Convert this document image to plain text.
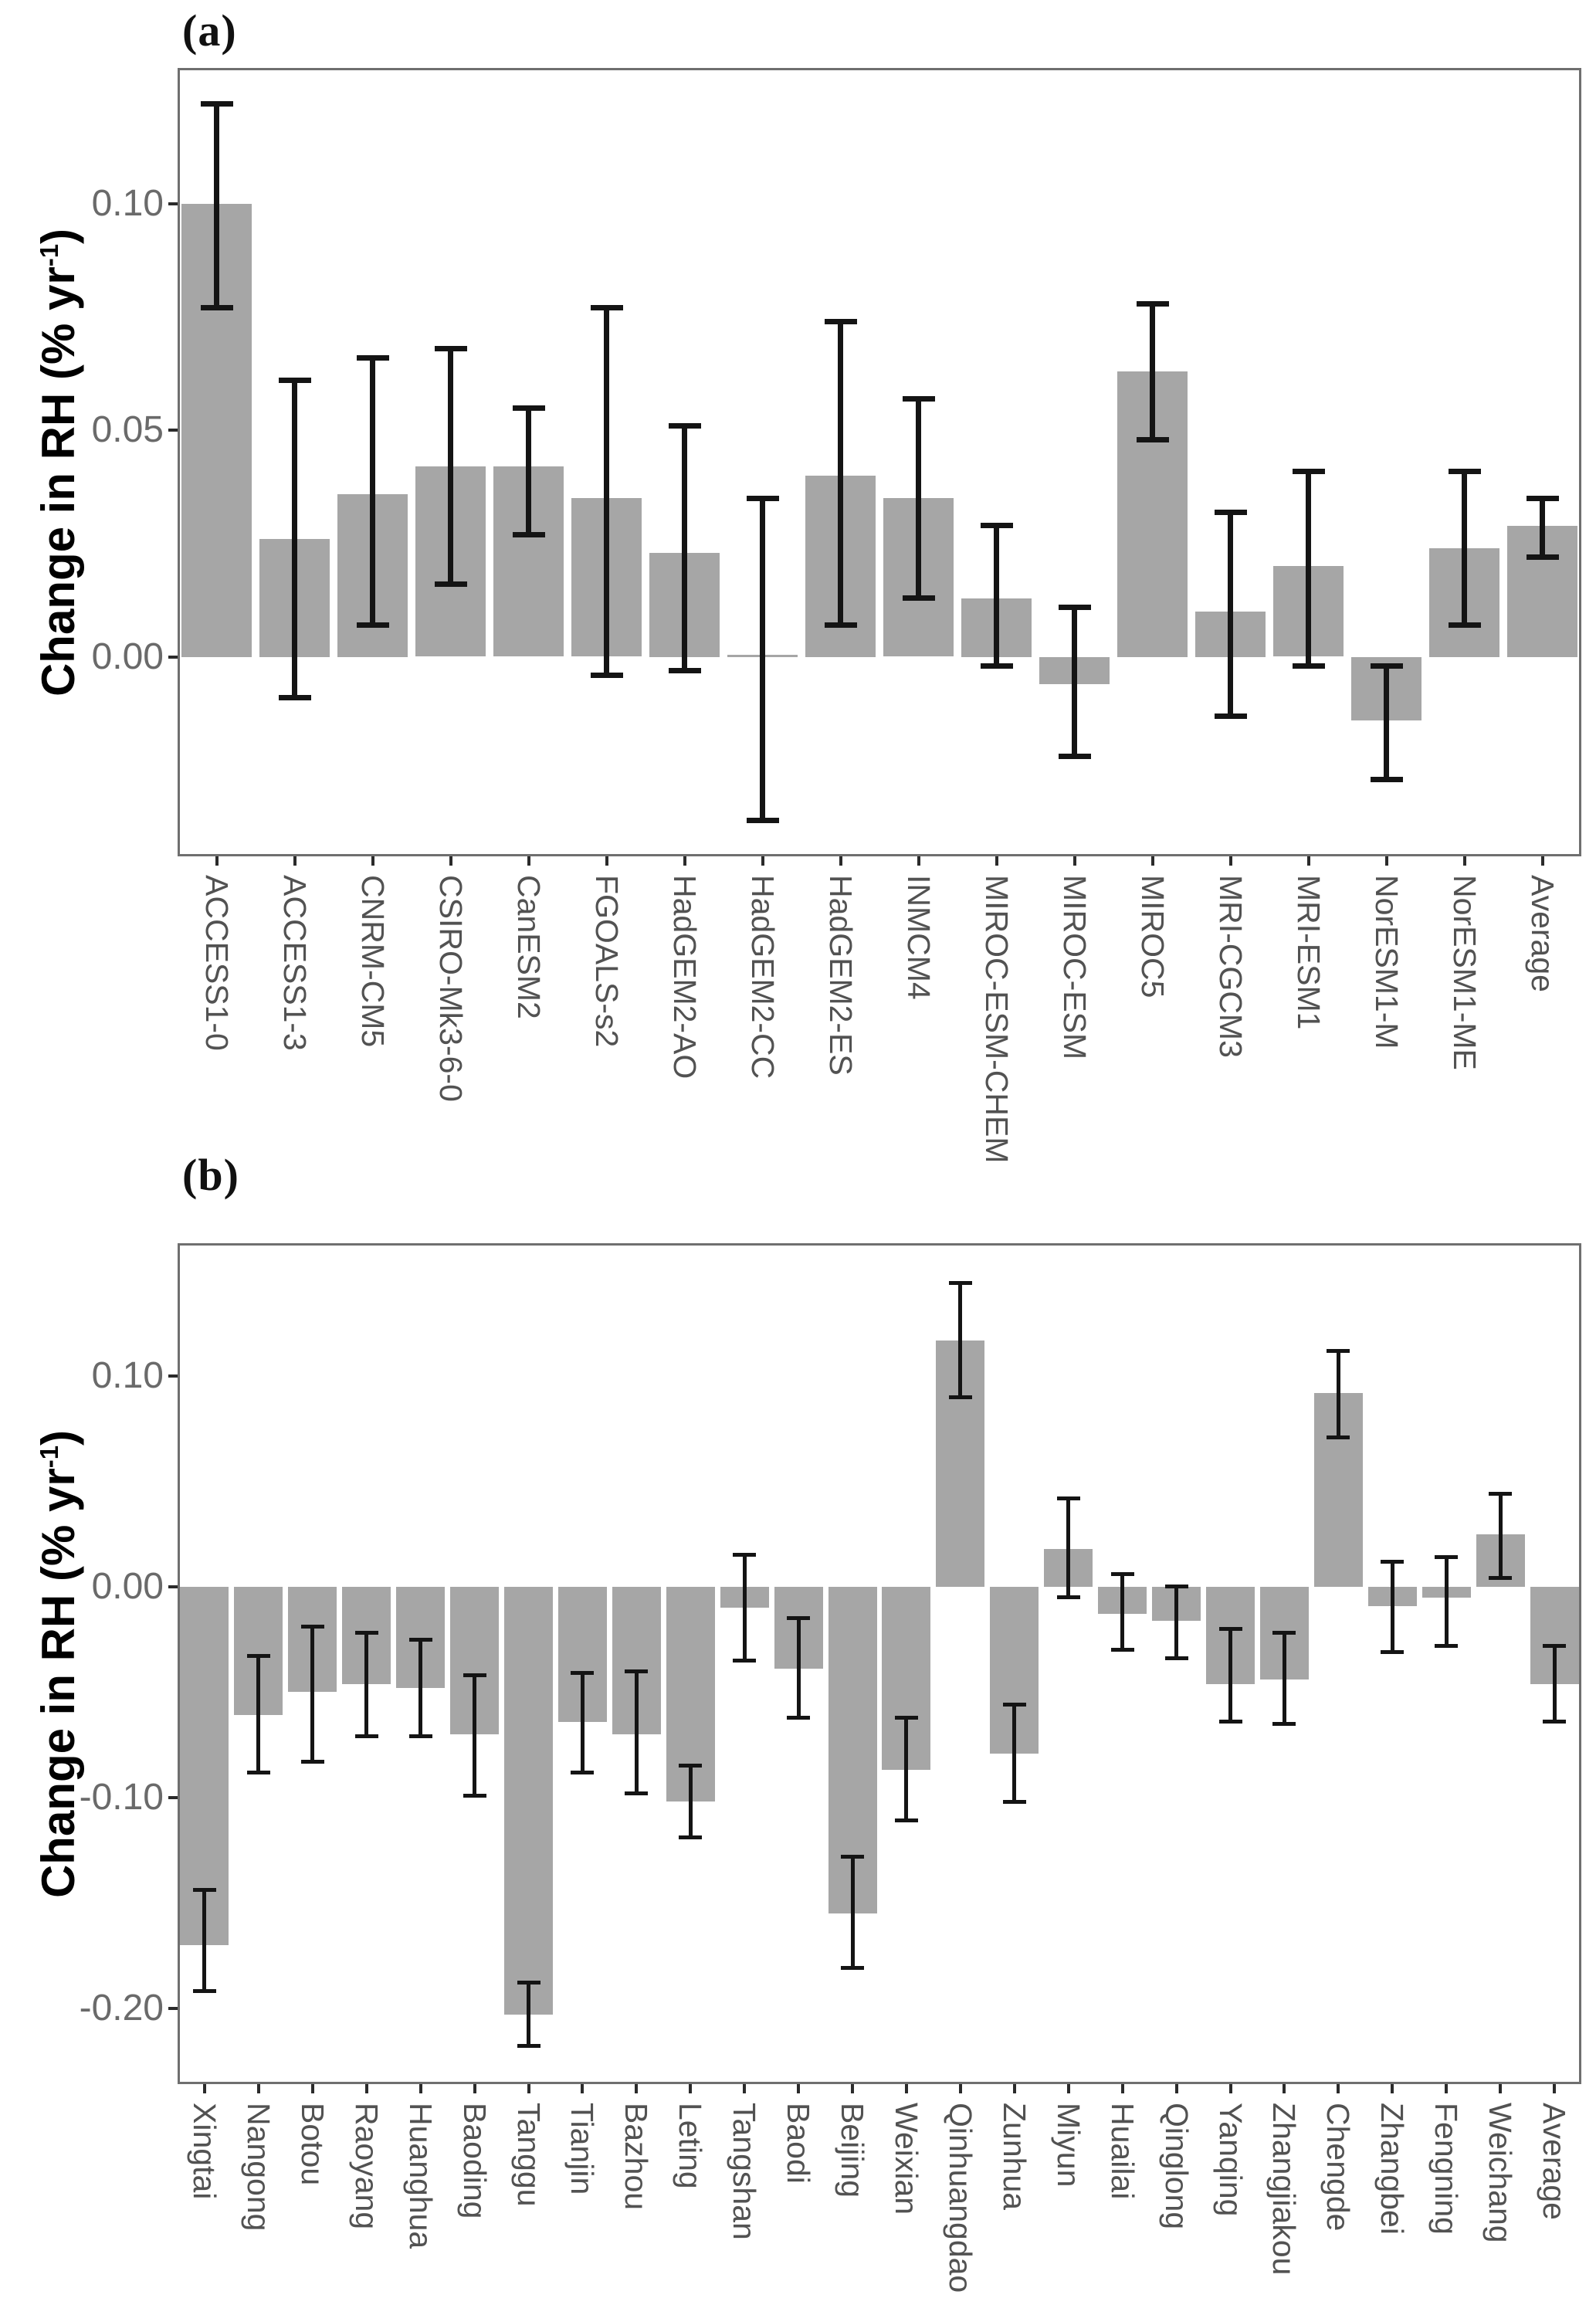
(a)
Change in RH (% $yr^{-1}$)
0.10
0.05
0.00
ACCESS1-0 ACCESS1-3 CNRM-CM5 CSIRO-Mk3-6-0 CanESM2 FGOALS-s2 HadGEM2-AO HadGEM2-CC HadGEM2-ES INMCM4 MIROC-ESM-CHEM MIROC-ESM MIROC5 MRI-CGCM3 MRI-ESM1 NorESM1-M NorESM1-ME Average
(b)
Change in RH (% $yr^{-1}$)
0.10
0.00
-0.10
-0.20
Xingtai Nangong Botou Raoyang Huanghua Baoding Tanggu Tianjin Bazhou Leting Tangshan Baodi Beijing Weixian Qinhuangdao Zunhua Miyun Huailai Qinglong Yanqing Zhangjiakou Chengde Zhangbei Fengning Weichang Average
